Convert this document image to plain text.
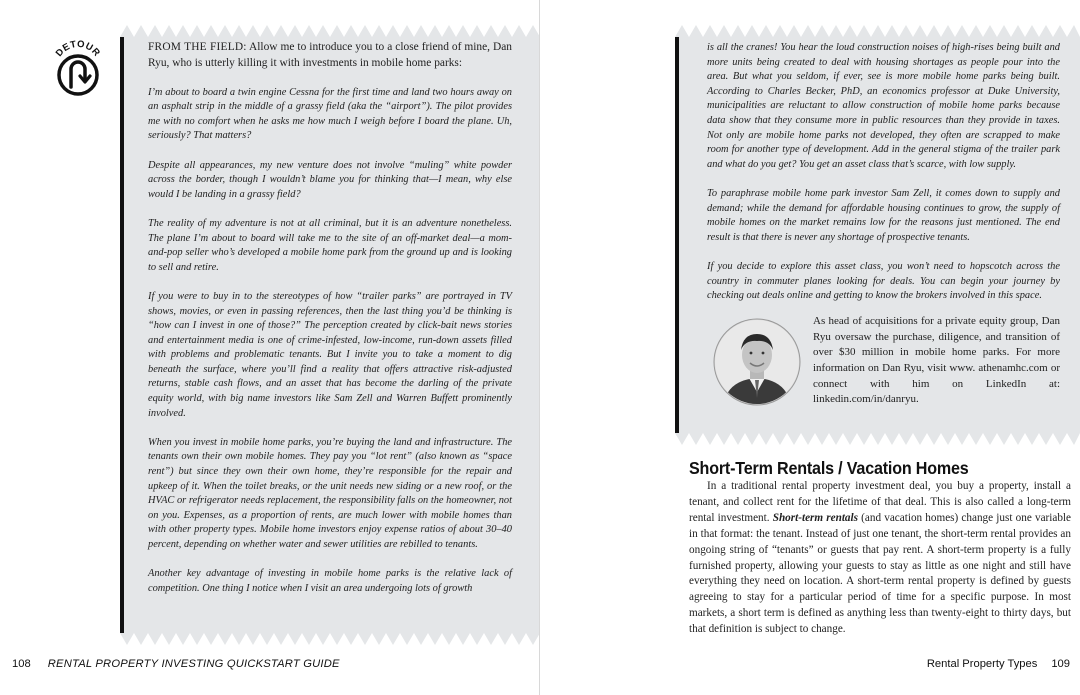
DETOUR	FROM THE FIELD: Allow me to introduce you to a close friend of mine, Dan Ryu, who is utterly killing it with investments in mobile home parks:

I’m about to board a twin engine Cessna for the first time and land two hours away on an asphalt strip in the middle of a grassy field (aka the “airport”). The pilot provides me with no comfort when he asks me how much I weigh before I board the plane. Uh, seriously? That matters?

Despite all appearances, my new venture does not involve “muling” white powder across the border, though I wouldn’t blame you for thinking that—I mean, why else would I be landing in a grassy field?

The reality of my adventure is not at all criminal, but it is an adventure nonetheless. The plane I’m about to board will take me to the site of an off-market deal—a mom-and-pop seller who’s developed a mobile home park from the ground up and is looking to sell and retire.

If you were to buy in to the stereotypes of how “trailer parks” are portrayed in TV shows, movies, or even in passing references, then the last thing you’d be thinking is “how can I invest in one of those?” The perception created by click-bait news stories and entertainment media is one of crime-infested, low-income, run-down assets filled with problems and problematic tenants. But I invite you to take a moment to dig beneath the surface, where you’ll find a reality that offers attractive risk-adjusted returns, stable cash flows, and an asset that has become the darling of the private equity world, with big name investors like Sam Zell and Warren Buffett prominently involved.

When you invest in mobile home parks, you’re buying the land and infrastructure. The tenants own their own mobile homes. They pay you “lot rent” (also known as “space rent”) but since they own their own home, they’re responsible for the repair and upkeep of it. When the toilet breaks, or the unit needs new siding or a new roof, or the HVAC or refrigerator needs replacement, the responsibility falls on the homeowner, not on you. Expenses, as a proportion of rents, are much lower with mobile homes than with other property types. Mobile home investors enjoy expense ratios of about 30–40 percent, depending on whether water and sewer utilities are rebilled to tenants.

Another key advantage of investing in mobile home parks is the relative lack of competition. One thing I notice when I visit an area undergoing lots of growth

108 RENTAL PROPERTY INVESTING QUICKSTART GUIDE

is all the cranes! You hear the loud construction noises of high-rises being built and more units being created to deal with housing shortages as people pour into the area. But what you seldom, if ever, see is more mobile home parks being built. According to Charles Becker, PhD, an economics professor at Duke University, municipalities are reluctant to allow construction of mobile home parks because data show that they consume more in public resources than they provide in taxes. Not only are mobile home parks not developed, they often are scrapped to make room for another type of development. Add in the general stigma of the trailer park and what do you get? You get an asset class that’s scarce, with low supply.

To paraphrase mobile home park investor Sam Zell, it comes down to supply and demand; while the demand for affordable housing continues to grow, the supply of mobile homes on the market remains low for the reasons just mentioned. The end result is that there is never any shortage of prospective tenants.

If you decide to explore this asset class, you won’t need to hopscotch across the country in commuter planes looking for deals. You can begin your journey by checking out deals online and getting to know the brokers involved in this space.

As head of acquisitions for a private equity group, Dan Ryu oversaw the purchase, diligence, and transition of over $30 million in mobile home parks. For more information on Dan Ryu, visit www. athenamhc.com or connect with him on LinkedIn at: linkedin.com/in/danryu.
Short-Term Rentals / Vacation Homes
In a traditional rental property investment deal, you buy a property, install a tenant, and collect rent for the lifetime of that deal. This is also called a long-term rental investment. Short-term rentals (and vacation homes) change just one variable in that format: the tenant. Instead of just one tenant, the short-term rental provides an ongoing string of “tenants” or guests that pay rent. A short-term property is a fully furnished property, allowing your guests to stay as little as one night and still have everything they need on location. A short-term rental property is defined by guests agreeing to stay for a particular period of time for a specific purpose. In most markets, a short term is defined as anything less than twenty-eight to thirty days, but that definition is subject to change.
Rental Property Types 109
